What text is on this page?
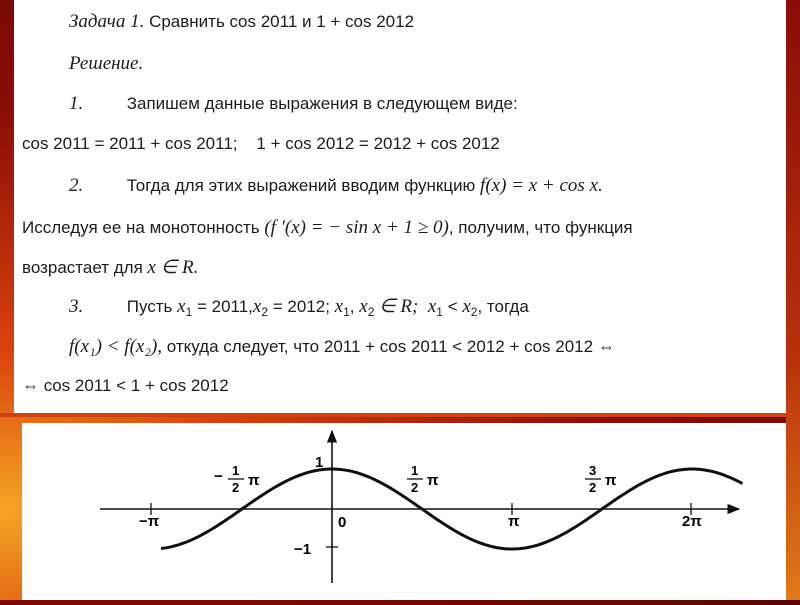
Задача 1. Сравнить cos 2011 и 1 + cos 2012
Решение.
1.	Запишем данные выражения в следующем виде:
cos 2011 = 2011 + cos 2011;    1 + cos 2012 = 2012 + cos 2012
2.	Тогда для этих выражений вводим функцию f(x) = x + cos x.
Исследуя ее на монотонность (f ′(x) = − sin x + 1 ≥ 0), получим, что функция
возрастает для x ∈ R.
3.	Пусть $x_1 = 2011,x_2 = 2012$; $x_1$, $x_2$ ∈ R;  $x_1 < x_2$, тогда
f(x₁) < f(x₂), откуда следует, что 2011 + cos 2011 < 2012 + cos 2012 ⇔
⇔ cos 2011 < 1 + cos 2012
−π	0	π	2π
1
−1
− 1
2 π
1
2 π
3
2 π
